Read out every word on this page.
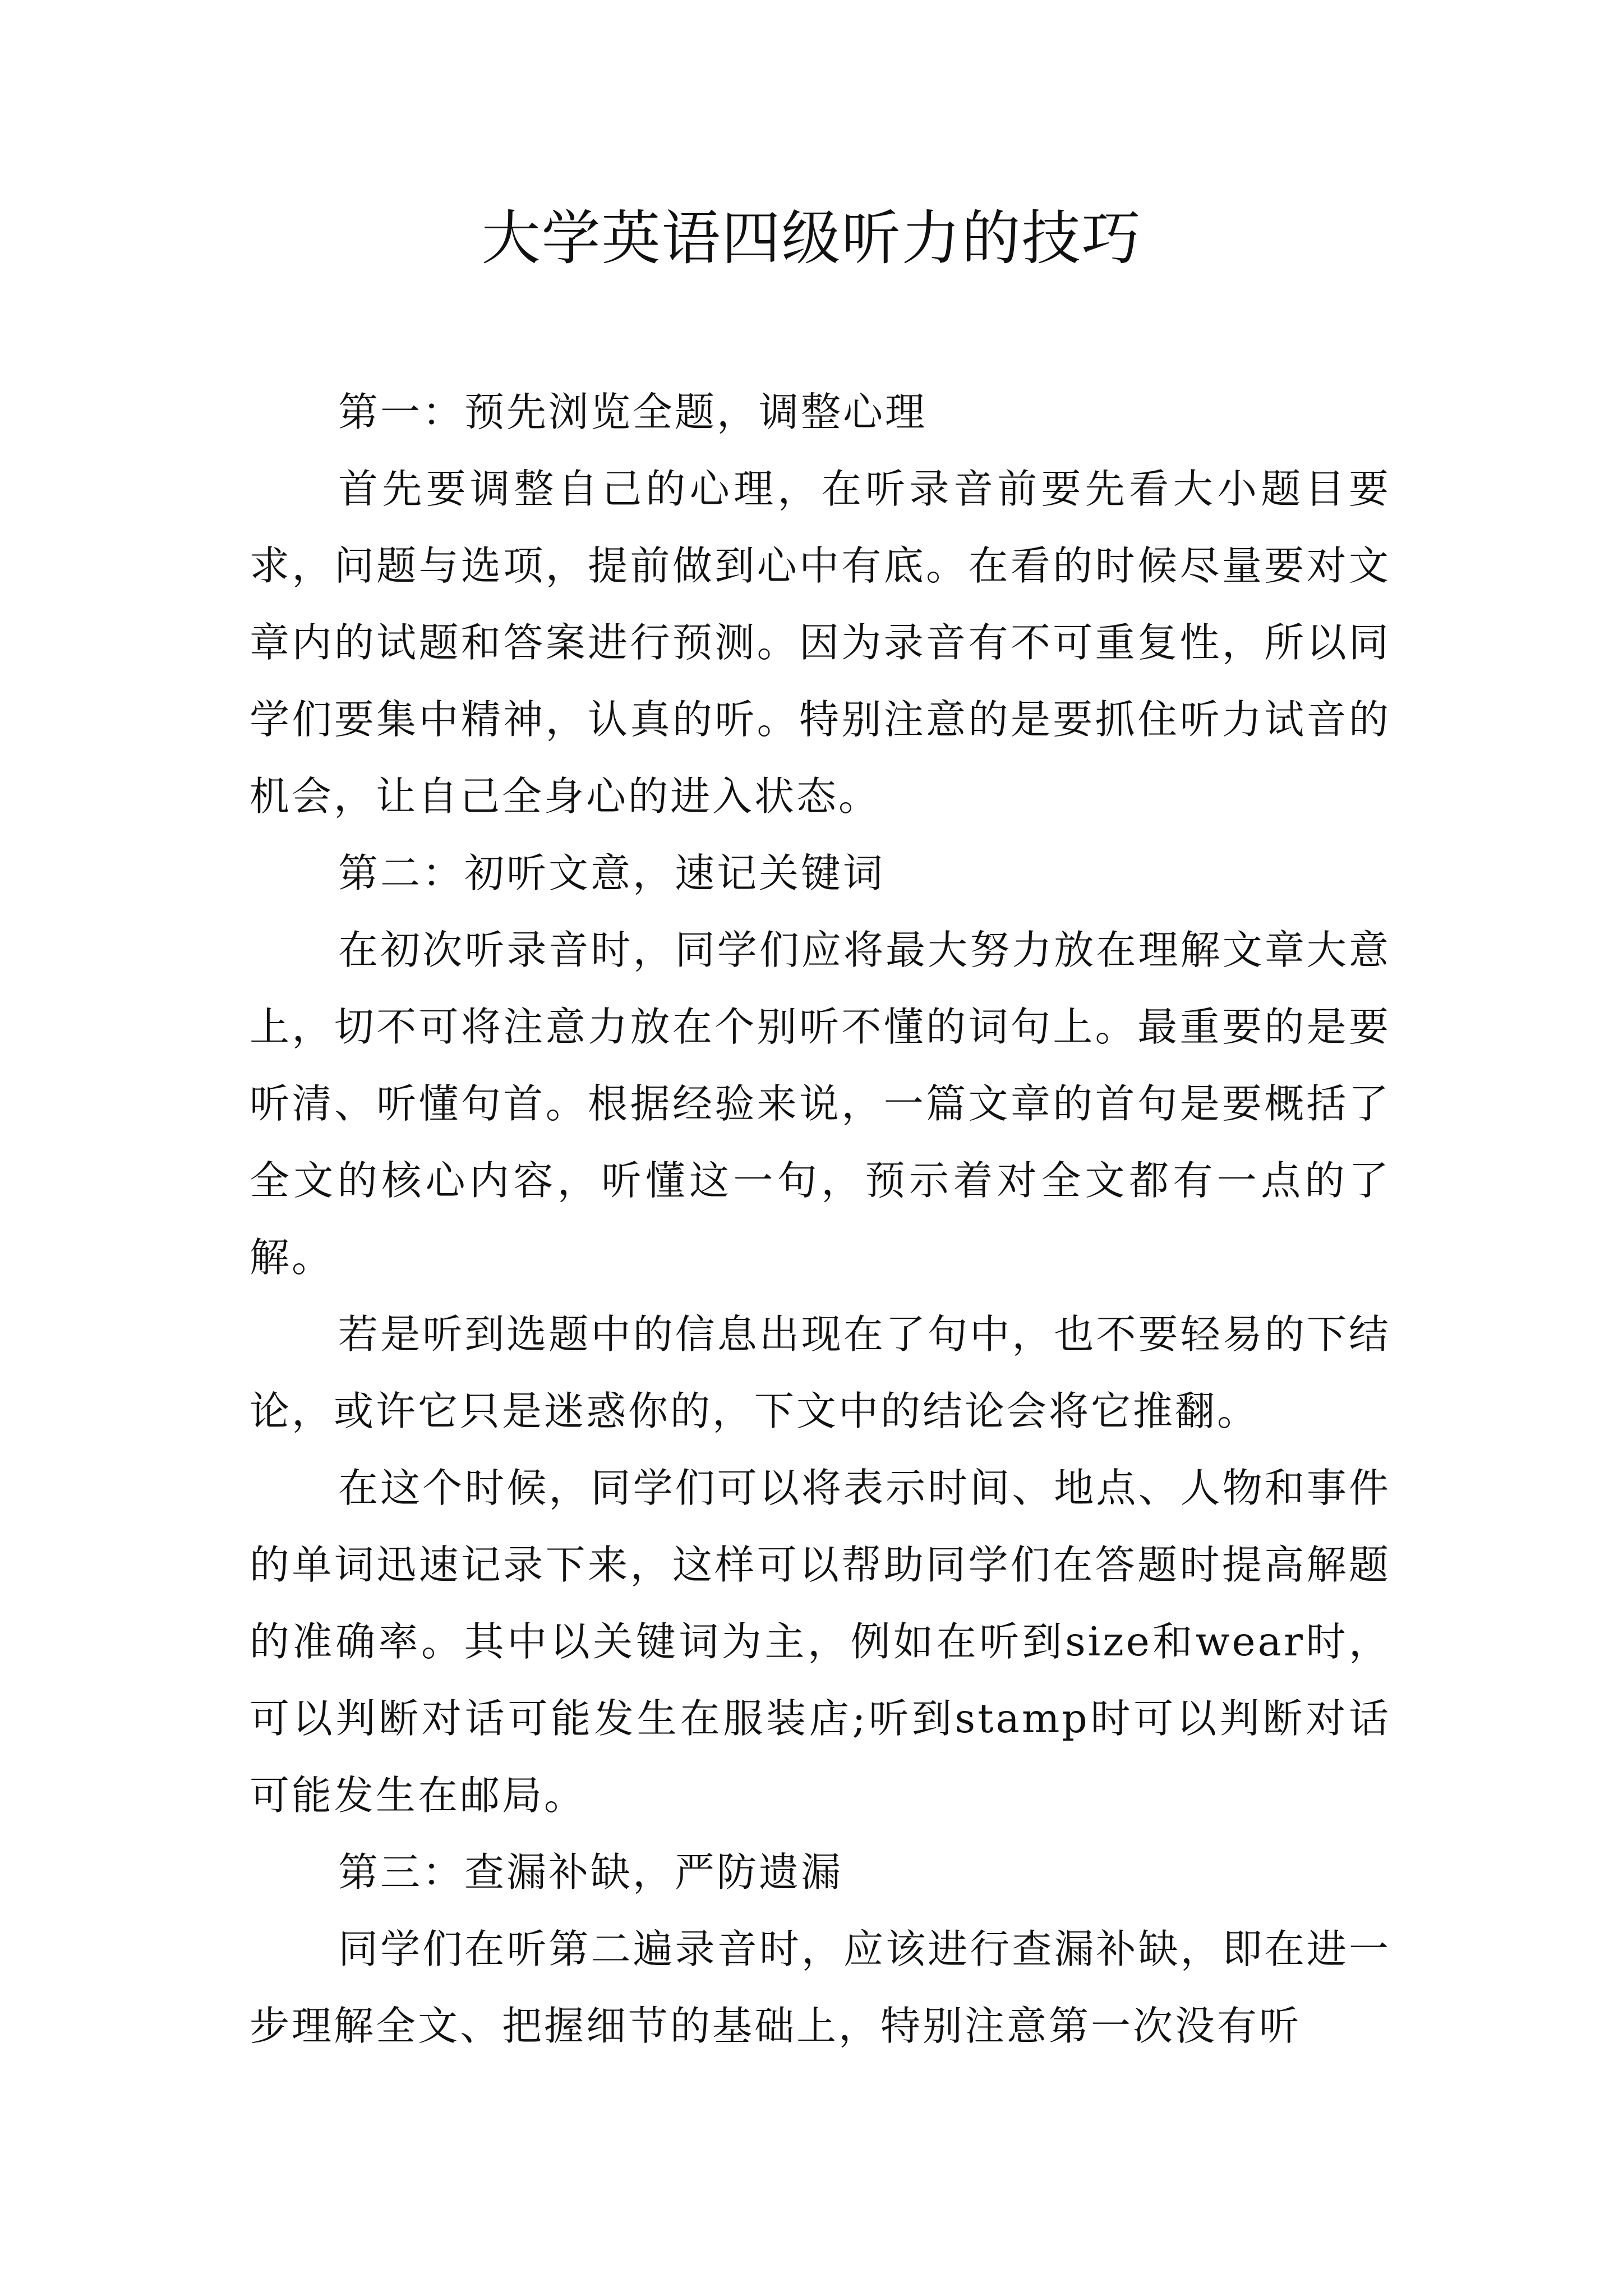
大学英语四级听力的技巧

第一：预先浏览全题，调整心理

首先要调整自己的心理，在听录音前要先看大小题目要求，问题与选项，提前做到心中有底。在看的时候尽量要对文章内的试题和答案进行预测。因为录音有不可重复性，所以同学们要集中精神，认真的听。特别注意的是要抓住听力试音的机会，让自己全身心的进入状态。

第二：初听文意，速记关键词

在初次听录音时，同学们应将最大努力放在理解文章大意上，切不可将注意力放在个别听不懂的词句上。最重要的是要听清、听懂句首。根据经验来说，一篇文章的首句是要概括了全文的核心内容，听懂这一句，预示着对全文都有一点的了解。

若是听到选题中的信息出现在了句中，也不要轻易的下结论，或许它只是迷惑你的，下文中的结论会将它推翻。

在这个时候，同学们可以将表示时间、地点、人物和事件的单词迅速记录下来，这样可以帮助同学们在答题时提高解题的准确率。其中以关键词为主，例如在听到size和wear时，可以判断对话可能发生在服装店;听到stamp时可以判断对话可能发生在邮局。

第三：查漏补缺，严防遗漏

同学们在听第二遍录音时，应该进行查漏补缺，即在进一步理解全文、把握细节的基础上，特别注意第一次没有听
